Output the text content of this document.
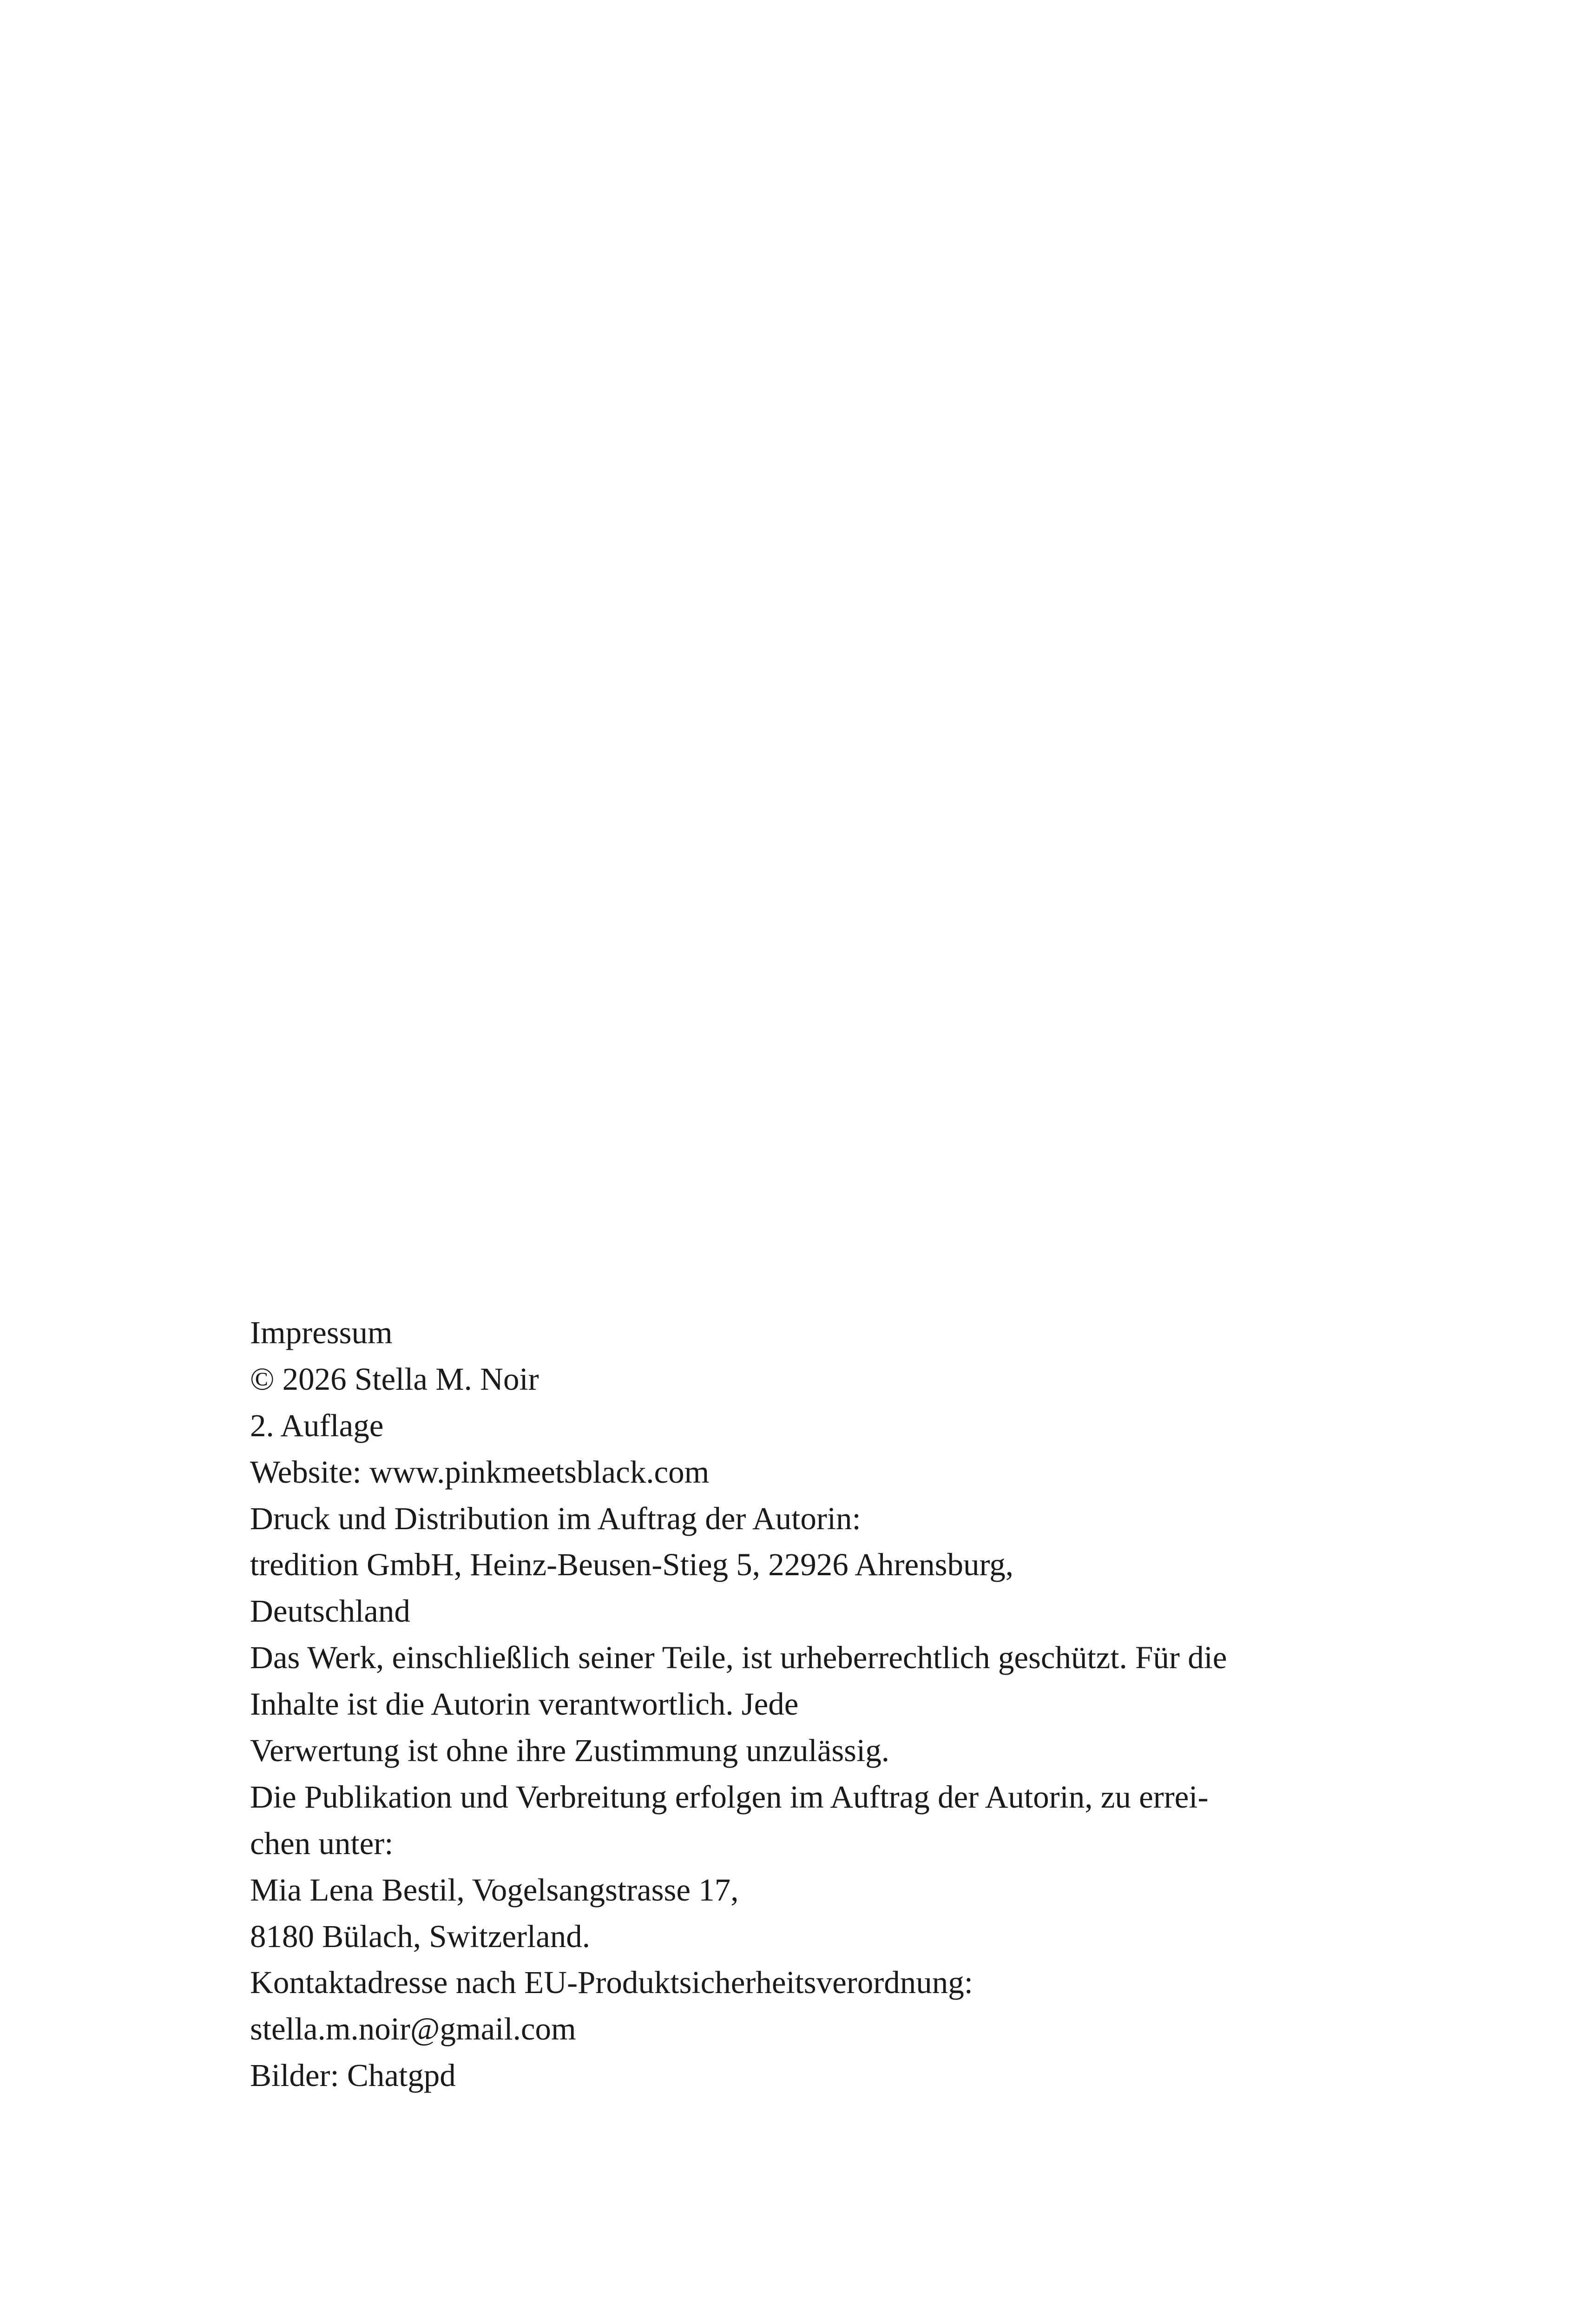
Impressum
© 2026 Stella M. Noir
2. Auflage
Website: www.pinkmeetsblack.com
Druck und Distribution im Auftrag der Autorin:
tredition GmbH, Heinz-Beusen-Stieg 5, 22926 Ahrensburg,
Deutschland
Das Werk, einschließlich seiner Teile, ist urheberrechtlich geschützt. Für die
Inhalte ist die Autorin verantwortlich. Jede
Verwertung ist ohne ihre Zustimmung unzulässig.
Die Publikation und Verbreitung erfolgen im Auftrag der Autorin, zu errei-
chen unter:
Mia Lena Bestil, Vogelsangstrasse 17,
8180 Bülach, Switzerland.
Kontaktadresse nach EU-Produktsicherheitsverordnung:
stella.m.noir@gmail.com
Bilder: Chatgpd
